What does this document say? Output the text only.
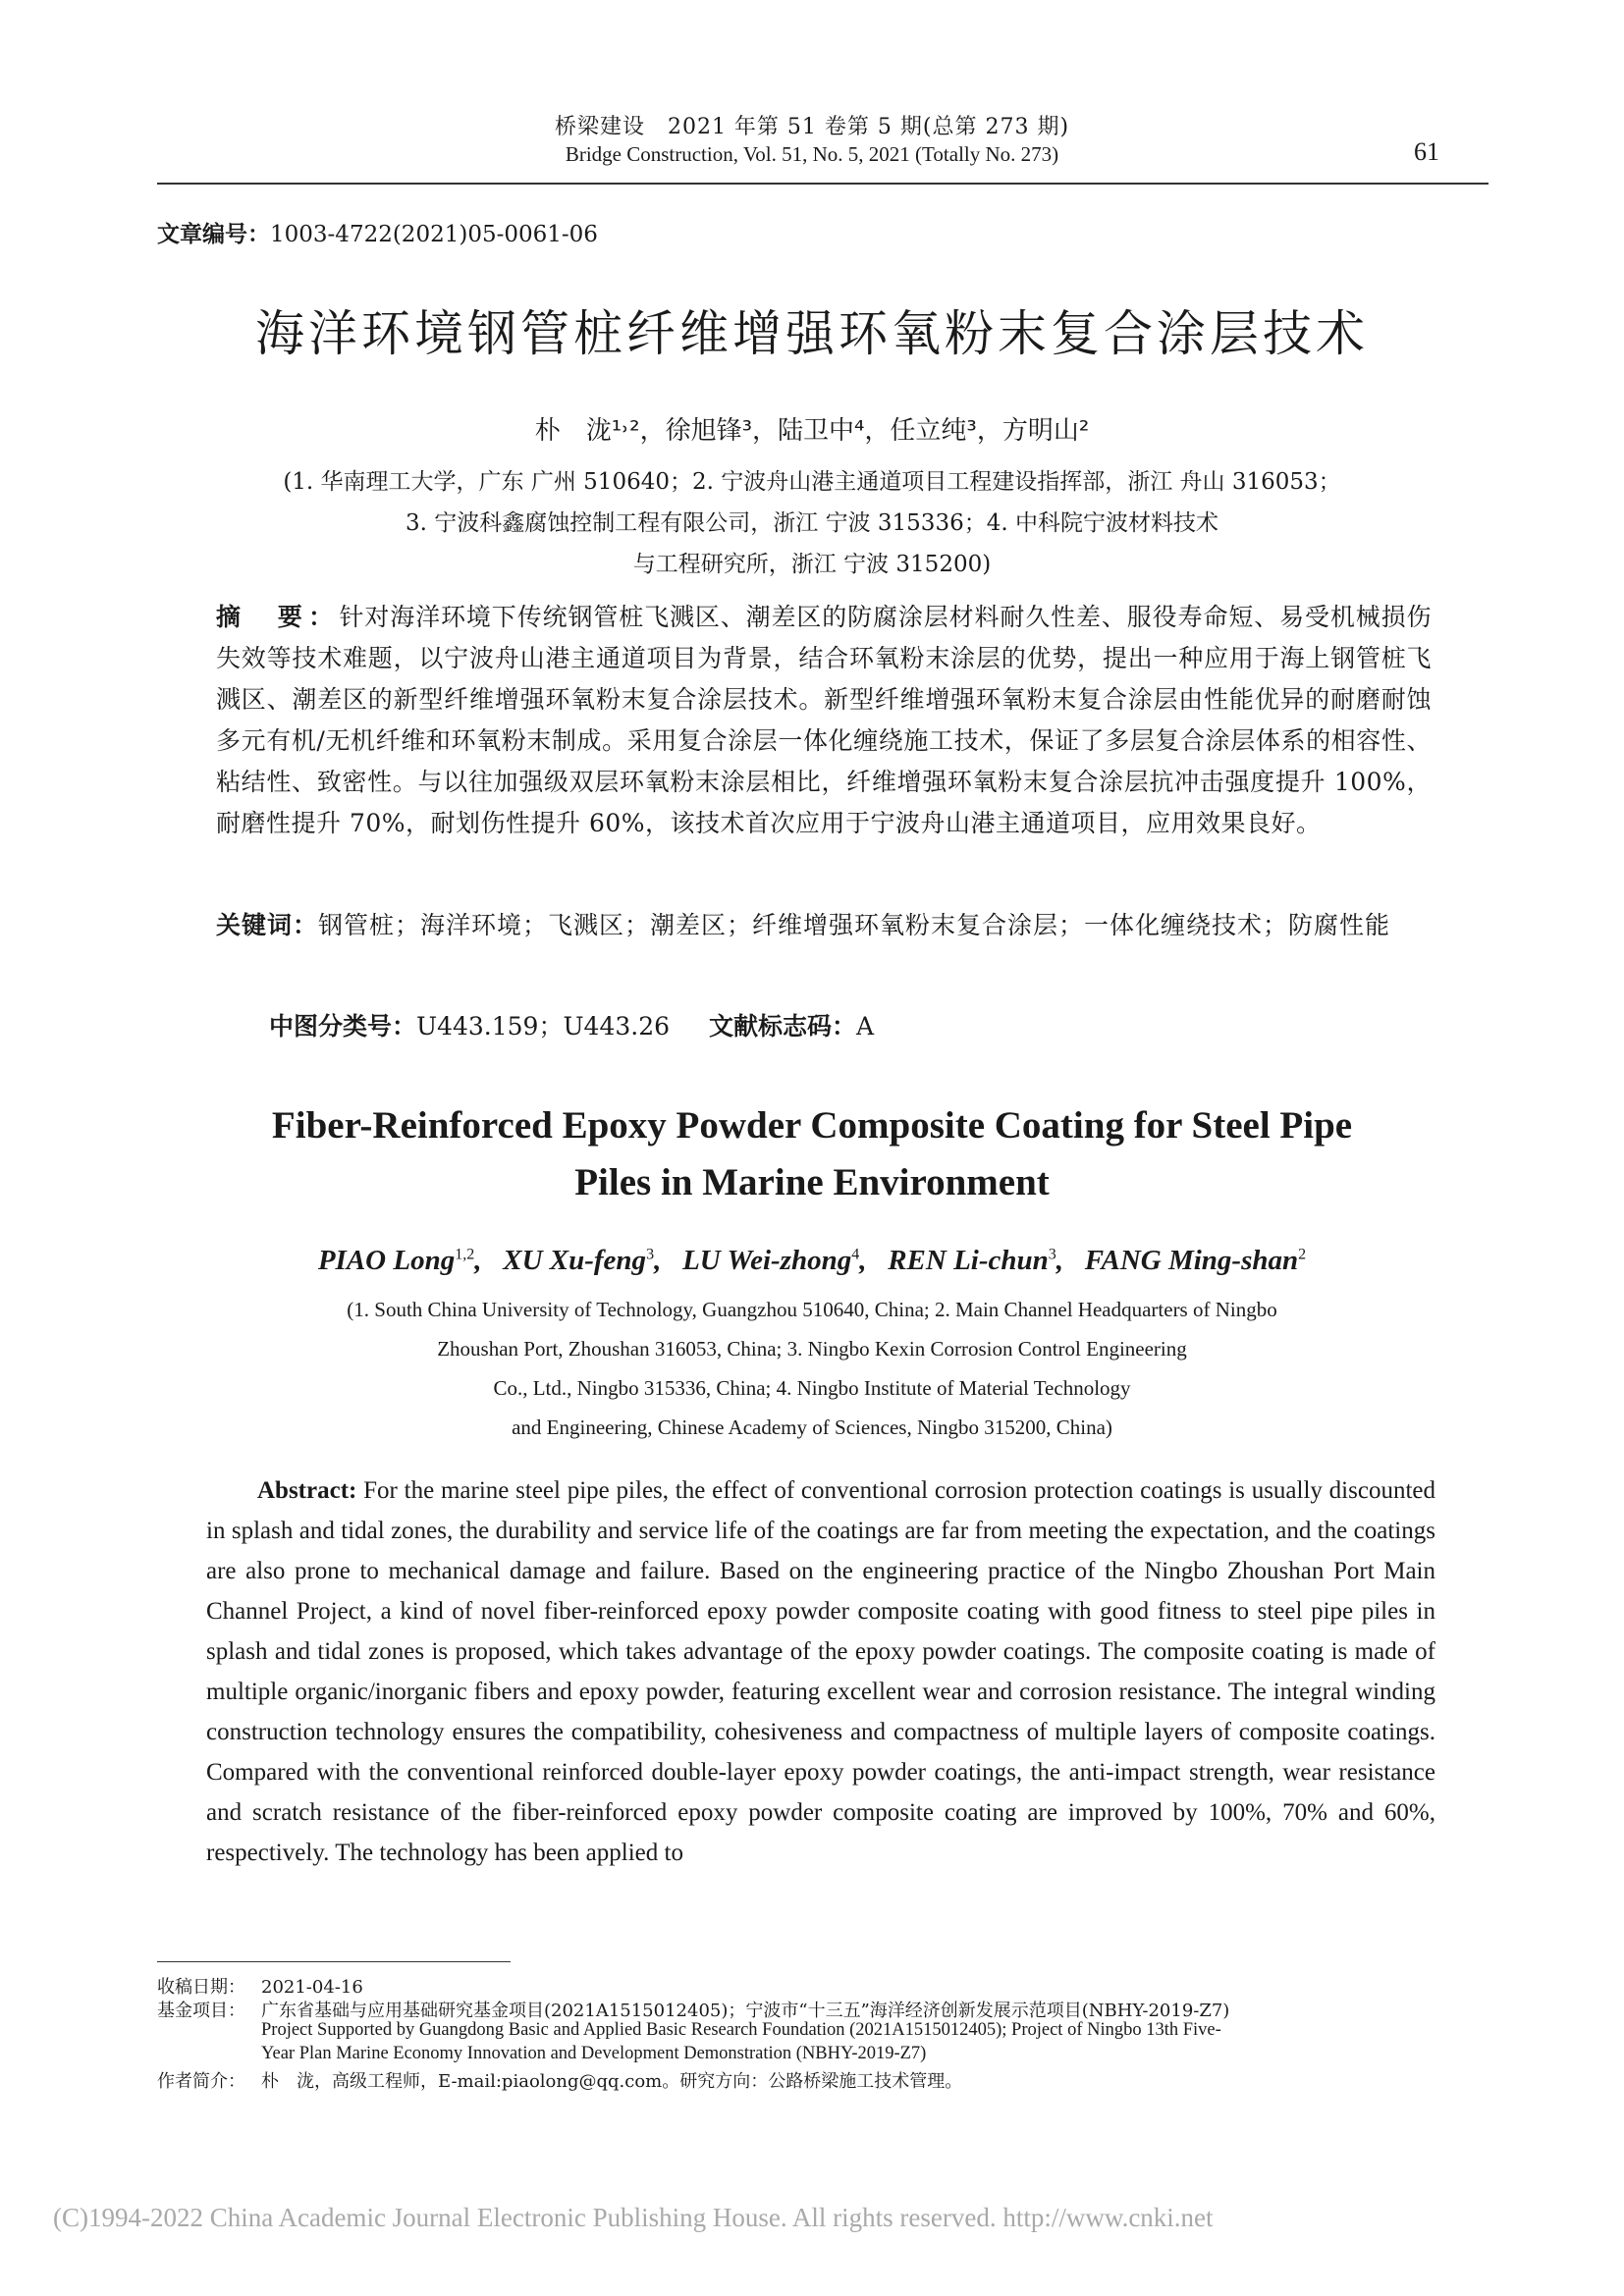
桥梁建设　2021 年第 51 卷第 5 期(总第 273 期)
Bridge Construction, Vol. 51, No. 5, 2021 (Totally No. 273)	61
文章编号：1003-4722(2021)05-0061-06
海洋环境钢管桩纤维增强环氧粉末复合涂层技术
朴　泷¹˒²，徐旭锋³，陆卫中⁴，任立纯³，方明山²
(1. 华南理工大学，广东 广州 510640；2. 宁波舟山港主通道项目工程建设指挥部，浙江 舟山 316053；
3. 宁波科鑫腐蚀控制工程有限公司，浙江 宁波 315336；4. 中科院宁波材料技术
与工程研究所，浙江 宁波 315200)
摘　要：针对海洋环境下传统钢管桩飞溅区、潮差区的防腐涂层材料耐久性差、服役寿命短、易受机械损伤失效等技术难题，以宁波舟山港主通道项目为背景，结合环氧粉末涂层的优势，提出一种应用于海上钢管桩飞溅区、潮差区的新型纤维增强环氧粉末复合涂层技术。新型纤维增强环氧粉末复合涂层由性能优异的耐磨耐蚀多元有机/无机纤维和环氧粉末制成。采用复合涂层一体化缠绕施工技术，保证了多层复合涂层体系的相容性、粘结性、致密性。与以往加强级双层环氧粉末涂层相比，纤维增强环氧粉末复合涂层抗冲击强度提升 100%，耐磨性提升 70%，耐划伤性提升 60%，该技术首次应用于宁波舟山港主通道项目，应用效果良好。
关键词：钢管桩；海洋环境；飞溅区；潮差区；纤维增强环氧粉末复合涂层；一体化缠绕技术；防腐性能
中图分类号：U443.159；U443.26 文献标志码：A
Fiber-Reinforced Epoxy Powder Composite Coating for Steel Pipe
Piles in Marine Environment
PIAO Long$^{1,2}$,   XU Xu-feng$^3$,   LU Wei-zhong$^4$,   REN Li-chun$^3$,   FANG Ming-shan$^2$
(1. South China University of Technology, Guangzhou 510640, China; 2. Main Channel Headquarters of Ningbo
Zhoushan Port, Zhoushan 316053, China; 3. Ningbo Kexin Corrosion Control Engineering
Co., Ltd., Ningbo 315336, China; 4. Ningbo Institute of Material Technology
and Engineering, Chinese Academy of Sciences, Ningbo 315200, China)
Abstract: For the marine steel pipe piles, the effect of conventional corrosion protection coatings is usually discounted in splash and tidal zones, the durability and service life of the coatings are far from meeting the expectation, and the coatings are also prone to mechanical damage and failure. Based on the engineering practice of the Ningbo Zhoushan Port Main Channel Project, a kind of novel fiber-reinforced epoxy powder composite coating with good fitness to steel pipe piles in splash and tidal zones is proposed, which takes advantage of the epoxy powder coatings. The composite coating is made of multiple organic/inorganic fibers and epoxy powder, featuring excellent wear and corrosion resistance. The integral winding construction technology ensures the compatibility, cohesiveness and compactness of multiple layers of composite coatings. Compared with the conventional reinforced double-layer epoxy powder coatings, the anti-impact strength, wear resistance and scratch resistance of the fiber-reinforced epoxy powder composite coating are improved by 100%, 70% and 60%, respectively. The technology has been applied to
收稿日期： 2021-04-16
基金项目： 广东省基础与应用基础研究基金项目(2021A1515012405)；宁波市“十三五”海洋经济创新发展示范项目(NBHY-2019-Z7)
Project Supported by Guangdong Basic and Applied Basic Research Foundation (2021A1515012405); Project of Ningbo 13th Five-
Year Plan Marine Economy Innovation and Development Demonstration (NBHY-2019-Z7)
作者简介： 朴　泷，高级工程师，E-mail:piaolong@qq.com。研究方向：公路桥梁施工技术管理。
(C)1994-2022 China Academic Journal Electronic Publishing House. All rights reserved. http://www.cnki.net
